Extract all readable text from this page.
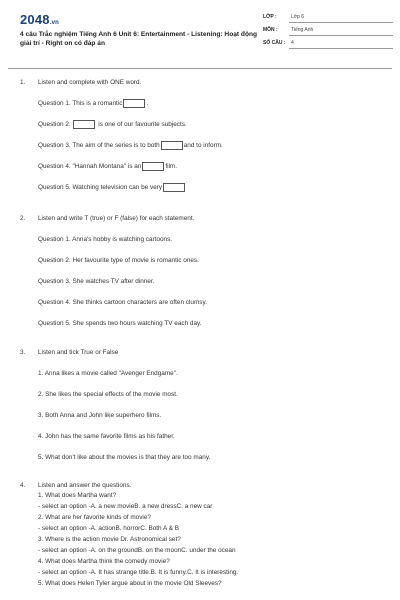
2048.vn
4 câu Trắc nghiệm Tiếng Anh 6 Unit 6: Entertainment - Listening: Hoạt động giải trí - Right on có đáp án
LỚP :	Lớp 6
MÔN :	Tiếng Anh
SỐ CÂU : 4
1. Listen and complete with ONE word.
Question 1. This is a romantic	.
Question 2.	is one of our favourite subjects.
Question 3. The aim of the series is to both	and to inform.
Question 4. "Hannah Montana" is an	film.
Question 5. Watching television can be very
2. Listen and write T (true) or F (false) for each statement.
Question 1. Anna's hobby is watching cartoons.
Question 2. Her favourite type of movie is romantic ones.
Question 3. She watches TV after dinner.
Question 4. She thinks cartoon characters are often clumsy.
Question 5. She spends two hours watching TV each day.
3. Listen and tick True or False
1. Anna likes a movie called "Avenger Endgame".
2. She likes the special effects of the movie most.
3. Both Anna and John like superhero films.
4. John has the same favorite films as his father.
5. What don't like about the movies is that they are too many.
4. Listen and answer the questions.
1. What does Martha want?
- select an option -A. a new movieB. a new dressC. a new car
2. What are her favorite kinds of movie?
- select an option -A. actionB. horrorC. Both A & B
3. Where is the action movie Dr. Astronomical set?
- select an option -A. on the groundB. on the moonC. under the ocean
4. What does Martha think the comedy movie?
- select an option -A. It has strange title.B. It is funny.C. It is interesting.
5. What does Helen Tyler argue about in the movie Old Sleeves?
